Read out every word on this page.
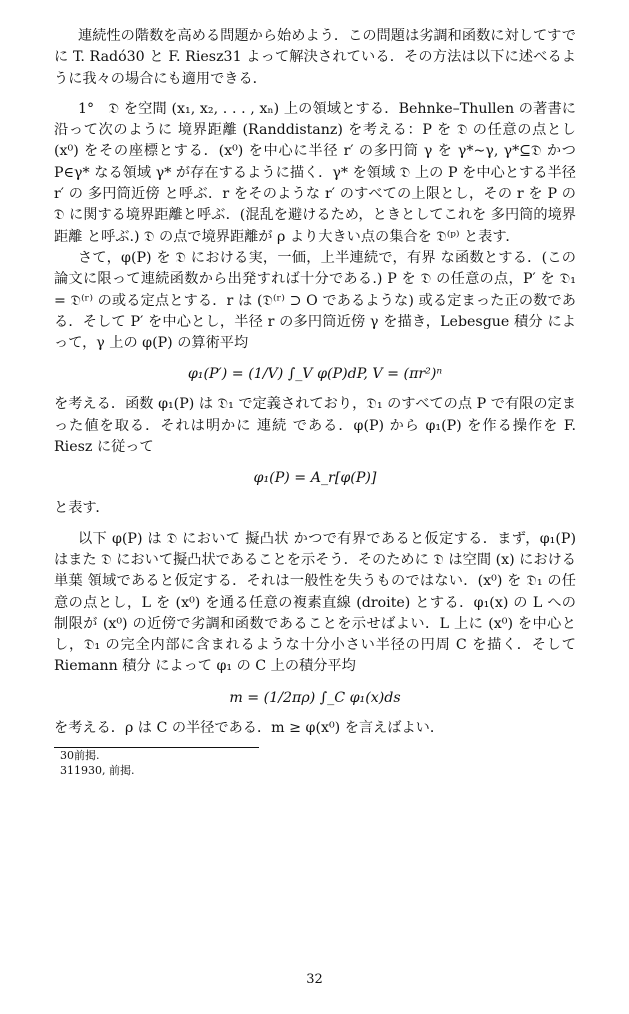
連続性の階数を高める問題から始めよう．この問題は劣調和函数に対してすでに T. Radó30 と F. Riesz31 よって解決されている．その方法は以下に述べるように我々の場合にも適用できる．

1°　𝔇 を空間 (x₁, x₂, . . . , xₙ) 上の領域とする．Behnke–Thullen の著書に沿って次のように 境界距離 (Randdistanz) を考える：P を 𝔇 の任意の点とし (x⁰) をその座標とする．(x⁰) を中心に半径 r′ の多円筒 γ を γ*∼γ, γ*⊆𝔇 かつ P∈γ* なる領域 γ* が存在するように描く．γ* を領域 𝔇 上の P を中心とする半径 r′ の 多円筒近傍 と呼ぶ．r をそのような r′ のすべての上限とし，その r を P の 𝔇 に関する境界距離と呼ぶ．(混乱を避けるため，ときとしてこれを 多円筒的境界距離 と呼ぶ.) 𝔇 の点で境界距離が ρ より大きい点の集合を 𝔇⁽ᵖ⁾ と表す．

さて，φ(P) を 𝔇 における実，一価，上半連続で，有界 な函数とする．(この論文に限って連続函数から出発すれば十分である.) P を 𝔇 の任意の点，P′ を 𝔇₁ = 𝔇⁽ʳ⁾ の或る定点とする．r は (𝔇⁽ʳ⁾ ⊃ O であるような) 或る定まった正の数である．そして P′ を中心とし，半径 r の多円筒近傍 γ を描き，Lebesgue 積分 によって，γ 上の φ(P) の算術平均

φ₁(P′) = (1/V) ∫_V φ(P)dP, V = (πr²)ⁿ

を考える．函数 φ₁(P) は 𝔇₁ で定義されており，𝔇₁ のすべての点 P で有限の定まった値を取る．それは明かに 連続 である．φ(P) から φ₁(P) を作る操作を F. Riesz に従って

φ₁(P) = A_r[φ(P)]

と表す．

以下 φ(P) は 𝔇 において 擬凸状 かつで有界であると仮定する．まず，φ₁(P) はまた 𝔇 において擬凸状であることを示そう．そのために 𝔇 は空間 (x) における 単葉 領域であると仮定する．それは一般性を失うものではない．(x⁰) を 𝔇₁ の任意の点とし，L を (x⁰) を通る任意の複素直線 (droite) とする．φ₁(x) の L への制限が (x⁰) の近傍で劣調和函数であることを示せばよい．L 上に (x⁰) を中心とし，𝔇₁ の完全内部に含まれるような十分小さい半径の円周 C を描く．そして Riemann 積分 によって φ₁ の C 上の積分平均

m = (1/2πρ) ∫_C φ₁(x)ds

を考える．ρ は C の半径である．m ≥ φ(x⁰) を言えばよい．

30前掲.
311930, 前掲.
32
